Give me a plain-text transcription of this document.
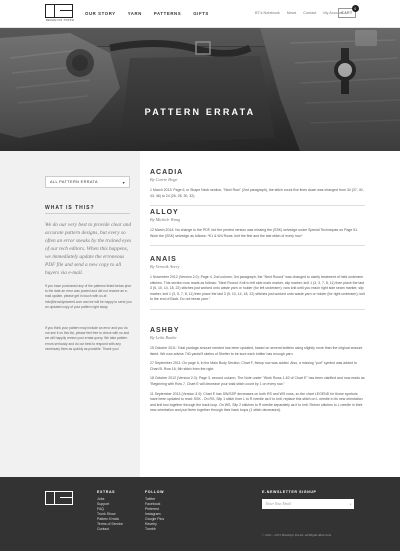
BROOKLYN TWEED
OUR STORY	YARN	PATTERNS	GIFTS	BT's Notebook News Contact My Account
CART
0
PATTERN ERRATA
ALL PATTERN ERRATA	▾
WHAT IS THIS?
We do our very best to provide clear and accurate pattern designs, but every so often an error sneaks by the trained eyes of our tech editors. When this happens, we immediately update the erroneous PDF file and send a new copy to all buyers via e-mail.
If you have purchased any of the patterns listed below prior to the date an error was posted and did not receive an e-mail update, please get in touch with us at info@brooklyntweed.com and we will be happy to send you an updated copy of your pattern right away.
If you think your pattern may include an error and you do not see it on this list, please feel free to check with us and we will happily review your errata query. We take pattern errors seriously and do our best to respond with any necessary fixes as quickly as possible. Thank you!
ACADIA
By Carrie Hoge

1 March 2013: Page 6, in Shape Neck section, "Next Row" (2nd paragraph), the stitch count five lines down was changed from 34 (37, 40, 43, 46) to 24 (26, 28, 30, 32).

ALLOY
By Michele Wang

12 March 2014: No change to the PDF, but the printed version was missing the (SSK) selvedge under Special Techniques on Page 51. Work the (SSK) selvedge as follows: *K1 & W4 Rows: knit the first and the last stitch of every row.*

ANAIS
By Veronik Avery

1 November 2012 (Version 2.0): Page 4, 2nd column, 3rd paragraph, the "Next Round" was changed to clarify treatment of held underarm stitches. This section now reads as follows: "Next Round: Knit to left side mark marker, slip marker, knit 1 (3, 3, 7, 8, 11) then place the last 3 (5, 10, 14, 18, 22) stitches just worked onto waste yarn or holder (for left underarm); now knit until you reach right side seam marker, slip marker, knit 1 (3, 5, 7, 8, 11) then place the last 3 (5, 10, 14, 18, 22) stitches just worked onto waste yarn or holder (for right underarm); knit to the end of Back. Do not break yarn."

ASHBY
By Leila Raabe

15 October 2011: Total yardage amount needed has been updated, based on several knitters using slightly more than the original amount listed. We now advise 740 yards/9 skeins of Shelter to be sure each knitter has enough yarn.

27 September 2011: On page 6, in the Main Body Section, Chart F, fishup row was added. Also, a missing "purl" symbol was added to Chart B, Row 16, 6th stitch from the right.

18 October 2012 (Version 2.0): Page 3, second column. The Note under "Work Rows 1-62 of Chart E" has been clarified and now reads as "Beginning with Row 7, Chart E will decrease your total stitch count by 1 on every row."

11 September 2013 (Version 3.0): Chart E has SW/SSP decreases on both RS and WS rows, so the chart LEGEND for those symbols have been updated to read: SSK - On RS, Slip 1 stitch from L to R needle as if to knit, replace this stitch on L needle in its new orientation and knit two together through the back loop. On WS, Slip 2 stitches to R needle separately as if to knit. Return stitches to L needle in their new orientation and purl them together through their back loops (1 stitch decreased).

EXTRAS
Jobs
Support
FAQ
Trunk Show
Pattern Errata
Terms of Service
Contact
FOLLOW
Twitter
Facebook
Pinterest
Instagram
Google Plus
Ravelry
Tumblr
E-NEWSLETTER SIGNUP
Enter Your Email	›
© 2011 - 2015 Brooklyn Tweed. All Rights Reserved.
